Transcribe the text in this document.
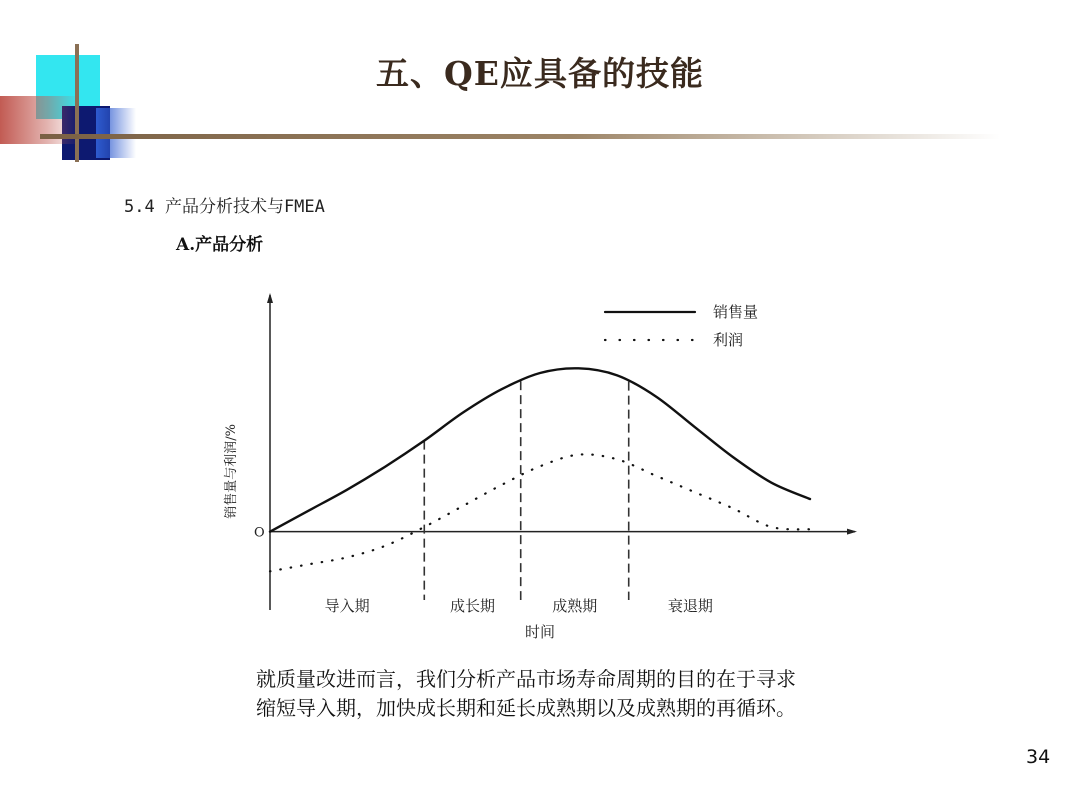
五、QE应具备的技能
5.4 产品分析技术与FMEA
A.产品分析
销售量
利润
导入期	成长期	成熟期	衰退期
时间
销售量与利润/%
O
就质量改进而言，我们分析产品市场寿命周期的目的在于寻求
缩短导入期，加快成长期和延长成熟期以及成熟期的再循环。
34
